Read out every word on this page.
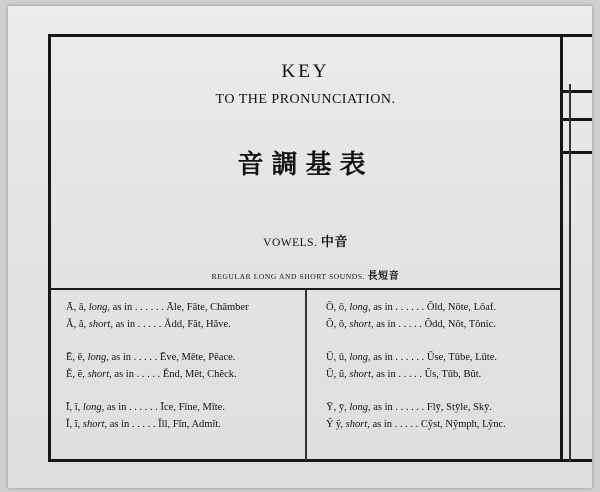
KEY
TO THE PRONUNCIATION.
音調基表
VOWELS. 中音
REGULAR LONG AND SHORT SOUNDS. 長短音
Ā, ā, long, as in . . . . . . Āle, Fāte, Chāmber
Ă, ă, short, as in . . . . . Ădd, Făt, Hăve.
Ē, ē, long, as in . . . . . Ēve, Mēte, Pēace.
Ĕ, ĕ, short, as in . . . . . Ĕnd, Mĕt, Chĕck.
Ī, ī, long, as in . . . . . . Īce, Fīne, Mīte.
Ĭ, ĭ, short, as in . . . . . Ĭll, Fĭn, Admĭt.
Ō, ō, long, as in . . . . . . Ōld, Nōte, Lōaf.
Ŏ, ŏ, short, as in . . . . . Ŏdd, Nŏt, Tŏnic.
Ū, ū, long, as in . . . . . . Ūse, Tūbe, Lūte.
Ŭ, ŭ, short, as in . . . . . Ŭs, Tŭb, Bŭt.
Ȳ, ȳ, long, as in . . . . . . Flȳ, Stȳle, Skȳ.
Y̆ y̆, short, as in . . . . . Cy̆st, Ny̆mph, Ly̆nc.
